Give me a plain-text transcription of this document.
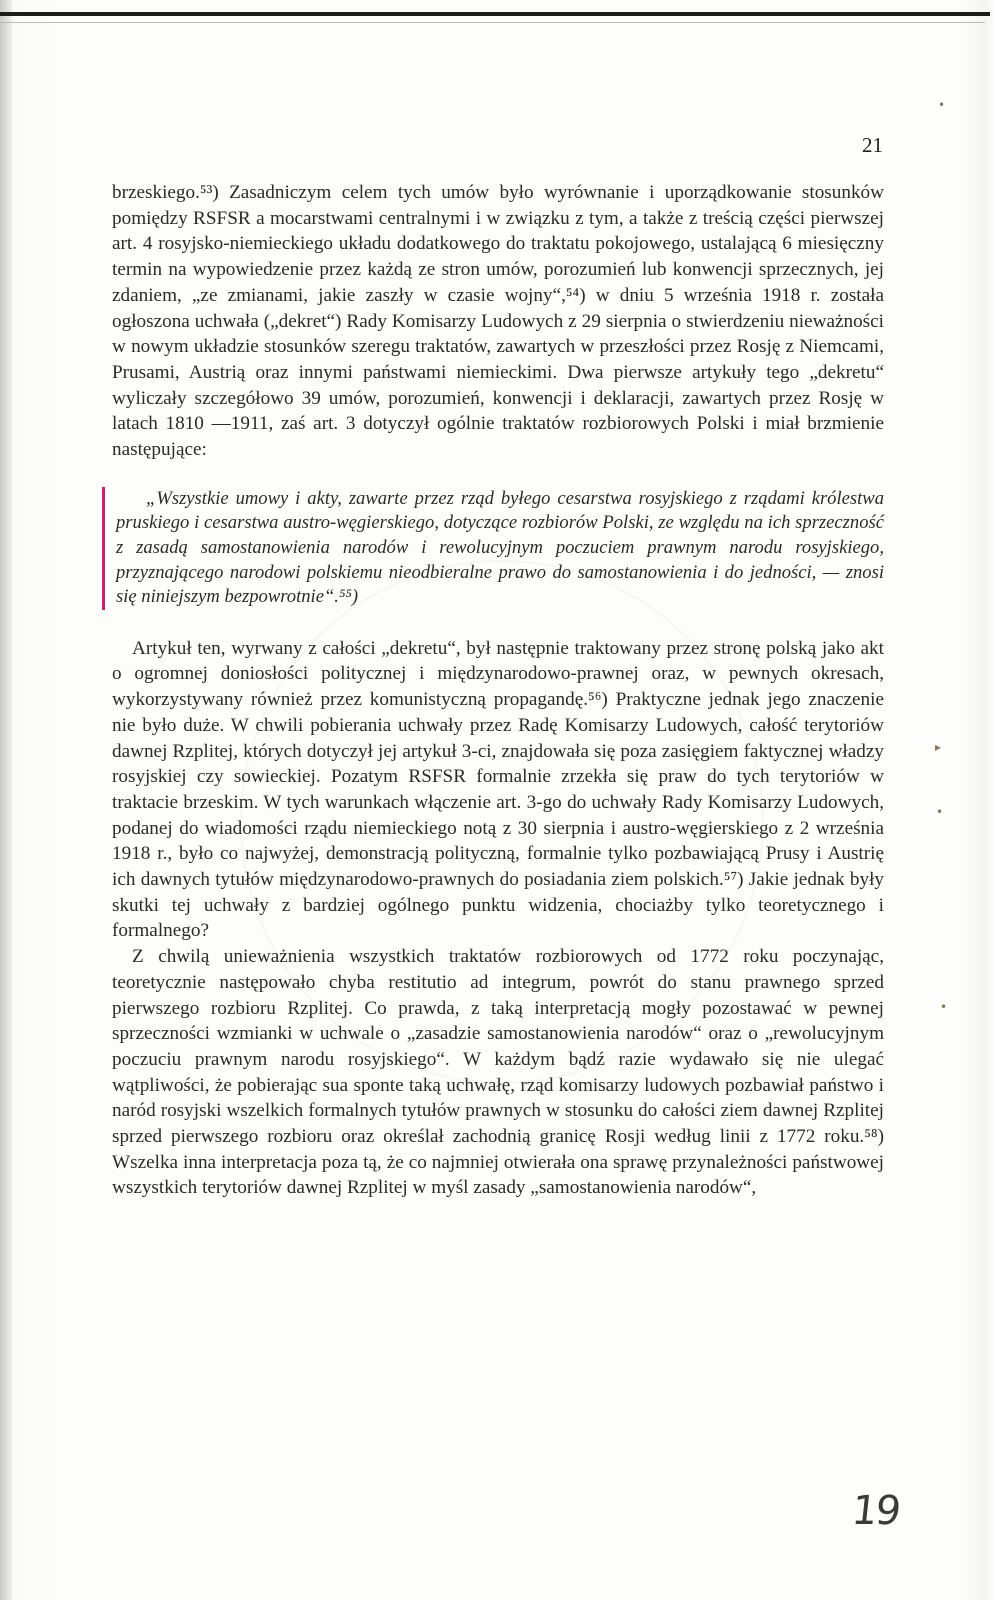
21

brzeskiego.⁵³) Zasadniczym celem tych umów było wyrównanie i uporządkowanie stosunków pomiędzy RSFSR a mocarstwami centralnymi i w związku z tym, a także z treścią części pierwszej art. 4 rosyjsko-niemieckiego układu dodatkowego do traktatu pokojowego, ustalającą 6 miesięczny termin na wypowiedzenie przez każdą ze stron umów, porozumień lub konwencji sprzecznych, jej zdaniem, „ze zmianami, jakie zaszły w czasie wojny“,⁵⁴) w dniu 5 września 1918 r. została ogłoszona uchwała („dekret“) Rady Komisarzy Ludowych z 29 sierpnia o stwierdzeniu nieważności w nowym układzie stosunków szeregu traktatów, zawartych w przeszłości przez Rosję z Niemcami, Prusami, Austrią oraz innymi państwami niemieckimi. Dwa pierwsze artykuły tego „dekretu“ wyliczały szczegółowo 39 umów, porozumień, konwencji i deklaracji, zawartych przez Rosję w latach 1810 —1911, zaś art. 3 dotyczył ogólnie traktatów rozbiorowych Polski i miał brzmienie następujące:

„Wszystkie umowy i akty, zawarte przez rząd byłego cesarstwa rosyjskiego z rządami królestwa pruskiego i cesarstwa austro-węgierskiego, dotyczące rozbiorów Polski, ze względu na ich sprzeczność z zasadą samostanowienia narodów i rewolucyjnym poczuciem prawnym narodu rosyjskiego, przyznającego narodowi polskiemu nieodbieralne prawo do samostanowienia i do jedności, — znosi się niniejszym bezpowrotnie“.⁵⁵)

Artykuł ten, wyrwany z całości „dekretu“, był następnie traktowany przez stronę polską jako akt o ogromnej doniosłości politycznej i międzynarodowo-prawnej oraz, w pewnych okresach, wykorzystywany również przez komunistyczną propagandę.⁵⁶) Praktyczne jednak jego znaczenie nie było duże. W chwili pobierania uchwały przez Radę Komisarzy Ludowych, całość terytoriów dawnej Rzplitej, których dotyczył jej artykuł 3-ci, znajdowała się poza zasięgiem faktycznej władzy rosyjskiej czy sowieckiej. Pozatym RSFSR formalnie zrzekła się praw do tych terytoriów w traktacie brzeskim. W tych warunkach włączenie art. 3-go do uchwały Rady Komisarzy Ludowych, podanej do wiadomości rządu niemieckiego notą z 30 sierpnia i austro-węgierskiego z 2 września 1918 r., było co najwyżej, demonstracją polityczną, formalnie tylko pozbawiającą Prusy i Austrię ich dawnych tytułów międzynarodowo-prawnych do posiadania ziem polskich.⁵⁷) Jakie jednak były skutki tej uchwały z bardziej ogólnego punktu widzenia, chociażby tylko teoretycznego i formalnego?

Z chwilą unieważnienia wszystkich traktatów rozbiorowych od 1772 roku poczynając, teoretycznie następowało chyba restitutio ad integrum, powrót do stanu prawnego sprzed pierwszego rozbioru Rzplitej. Co prawda, z taką interpretacją mogły pozostawać w pewnej sprzeczności wzmianki w uchwale o „zasadzie samostanowienia narodów“ oraz o „rewolucyjnym poczuciu prawnym narodu rosyjskiego“. W każdym bądź razie wydawało się nie ulegać wątpliwości, że pobierając sua sponte taką uchwałę, rząd komisarzy ludowych pozbawiał państwo i naród rosyjski wszelkich formalnych tytułów prawnych w stosunku do całości ziem dawnej Rzplitej sprzed pierwszego rozbioru oraz określał zachodnią granicę Rosji według linii z 1772 roku.⁵⁸) Wszelka inna interpretacja poza tą, że co najmniej otwierała ona sprawę przynależności państwowej wszystkich terytoriów dawnej Rzplitej w myśl zasady „samostanowienia narodów“,

•
▸
•
•
19
